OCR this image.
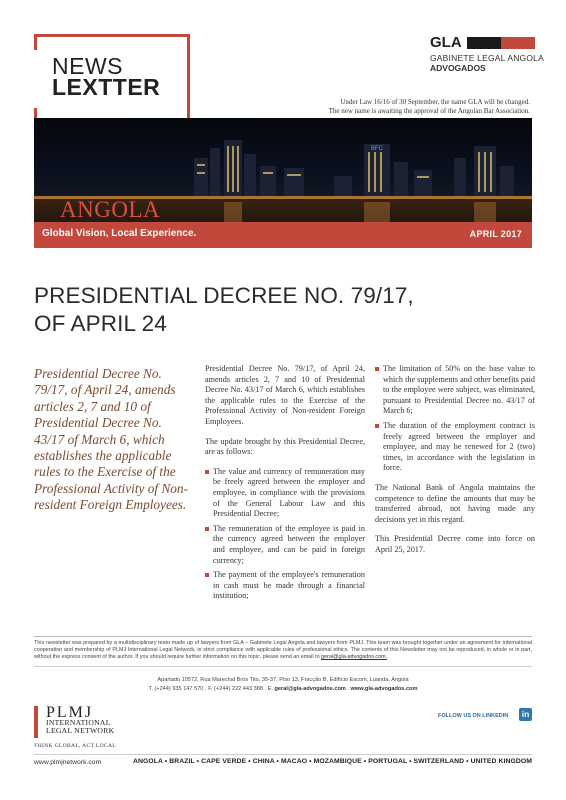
NEWS
LEXTTER
GLA
GABINETE LEGAL ANGOLA
ADVOGADOS
Under Law 16/16 of 30 September, the name GLA will be changed.
The new name is awaiting the approval of the Angolan Bar Association.
BFC
ANGOLA
Global Vision, Local Experience.	APRIL 2017
PRESIDENTIAL DECREE NO. 79/17,
OF APRIL 24
Presidential Decree No. 79/17, of April 24, amends articles 2, 7 and 10 of Presidential Decree No. 43/17 of March 6, which establishes the applicable rules to the Exercise of the Professional Activity of Non-resident Foreign Employees.

Presidential Decree No. 79/17, of April 24, amends articles 2, 7 and 10 of Presidential Decree No. 43/17 of March 6, which establishes the applicable rules to the Exercise of the Professional Activity of Non-resident Foreign Employees.

The update brought by this Presidential Decree, are as follows:

The value and currency of remuneration may be freely agreed between the employer and employee, in compliance with the provisions of the General Labour Law and this Presidential Decree;
The remuneration of the employee is paid in the currency agreed between the employer and employee, and can be paid in foreign currency;
The payment of the employee's remuneration in cash must be made through a financial institution;
The limitation of 50% on the base value to which the supplements and other benefits paid to the employee were subject, was eliminated, pursuant to Presidential Decree no. 43/17 of March 6;
The duration of the employment contract is freely agreed between the employer and employee, and may be renewed for 2 (two) times, in accordance with the legislation in force.

The National Bank of Angola maintains the competence to define the amounts that may be transferred abroad, not having made any decisions yet in this regard.

This Presidential Decree come into force on April 25, 2017.

This newsletter was prepared by a multidisciplinary team made up of lawyers from GLA – Gabinete Legal Angola and lawyers from PLMJ. This team was brought together under an agreement for international cooperation and membership of PLMJ International Legal Network, in strict compliance with applicable rules of professional ethics. The contents of this Newsletter may not be reproduced, in whole or in part, without the express consent of the author. If you should require further information on this topic, please send an email to geral@gla-advogados.com.
Apartado 10572, Rua Marechal Brós Tito, 35-37, Piso 13, Fracção B, Edifício Escom, Luanda, Angola
T. (+244) 935 147 570 . F. (+244) 222 443 388 . E. geral@gla-advogados.com . www.gla-advogados.com
PLMJ
INTERNATIONAL
LEGAL NETWORK
THINK GLOBAL, ACT LOCAL
FOLLOW US ON LINKEDIN	in
www.plmjnetwork.com	ANGOLA • BRAZIL • CAPE VERDE • CHINA • MACAO • MOZAMBIQUE • PORTUGAL • SWITZERLAND • UNITED KINGDOM
